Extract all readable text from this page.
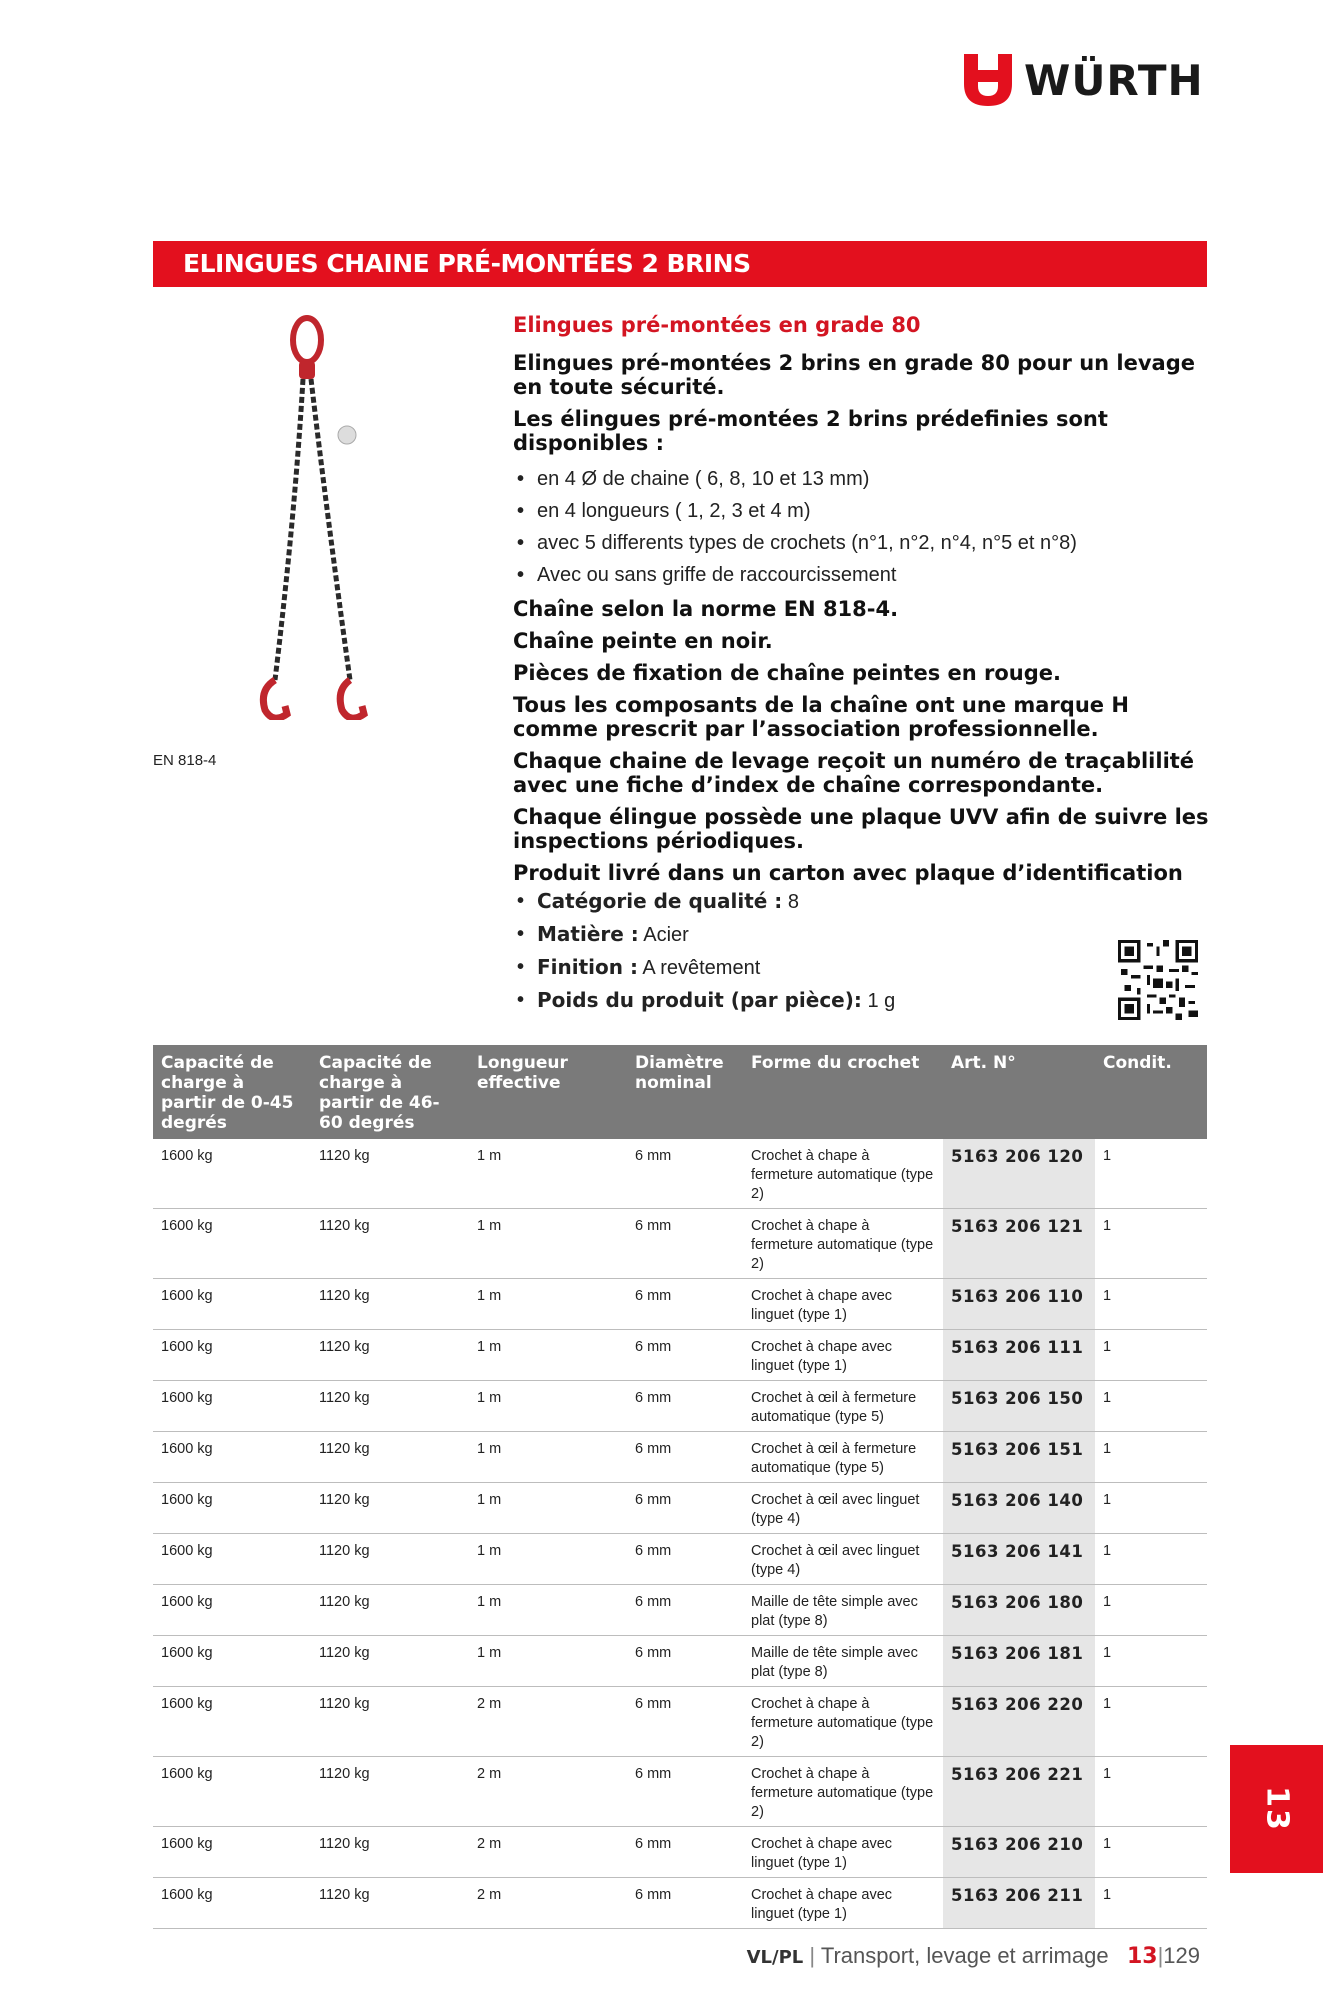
WÜRTH
ELINGUES CHAINE PRÉ-MONTÉES 2 BRINS
EN 818-4
Elingues pré-montées en grade 80

Elingues pré-montées 2 brins en grade 80 pour un levage en toute sécurité.

Les élingues pré-montées 2 brins prédefinies sont disponibles :

• en 4 Ø de chaine ( 6, 8, 10 et 13 mm)
• en 4 longueurs ( 1, 2, 3 et 4 m)
• avec 5 differents types de crochets (n°1, n°2, n°4, n°5 et n°8)
• Avec ou sans griffe de raccourcissement

Chaîne selon la norme EN 818-4.

Chaîne peinte en noir.

Pièces de fixation de chaîne peintes en rouge.

Tous les composants de la chaîne ont une marque H comme prescrit par l’association professionnelle.

Chaque chaine de levage reçoit un numéro de traçablilité avec une fiche d’index de chaîne correspondante.

Chaque élingue possède une plaque UVV afin de suivre les inspections périodiques.

Produit livré dans un carton avec plaque d’identification

• Catégorie de qualité : 8
• Matière : Acier
• Finition : A revêtement
• Poids du produit (par pièce): 1 g
Capacité de charge à partir de 0-45 degrés	Capacité de charge à partir de 46-60 degrés	Longueur effective	Diamètre nominal	Forme du crochet	Art. N°	Condit.
1600 kg	1120 kg	1 m	6 mm	Crochet à chape à fermeture automatique (type 2)	5163 206 120	1
1600 kg	1120 kg	1 m	6 mm	Crochet à chape à fermeture automatique (type 2)	5163 206 121	1
1600 kg	1120 kg	1 m	6 mm	Crochet à chape avec linguet (type 1)	5163 206 110	1
1600 kg	1120 kg	1 m	6 mm	Crochet à chape avec linguet (type 1)	5163 206 111	1
1600 kg	1120 kg	1 m	6 mm	Crochet à œil à fermeture automatique (type 5)	5163 206 150	1
1600 kg	1120 kg	1 m	6 mm	Crochet à œil à fermeture automatique (type 5)	5163 206 151	1
1600 kg	1120 kg	1 m	6 mm	Crochet à œil avec linguet (type 4)	5163 206 140	1
1600 kg	1120 kg	1 m	6 mm	Crochet à œil avec linguet (type 4)	5163 206 141	1
1600 kg	1120 kg	1 m	6 mm	Maille de tête simple avec plat (type 8)	5163 206 180	1
1600 kg	1120 kg	1 m	6 mm	Maille de tête simple avec plat (type 8)	5163 206 181	1
1600 kg	1120 kg	2 m	6 mm	Crochet à chape à fermeture automatique (type 2)	5163 206 220	1
1600 kg	1120 kg	2 m	6 mm	Crochet à chape à fermeture automatique (type 2)	5163 206 221	1
1600 kg	1120 kg	2 m	6 mm	Crochet à chape avec linguet (type 1)	5163 206 210	1
1600 kg	1120 kg	2 m	6 mm	Crochet à chape avec linguet (type 1)	5163 206 211	1
13
VL/PL | Transport, levage et arrimage 13|129
